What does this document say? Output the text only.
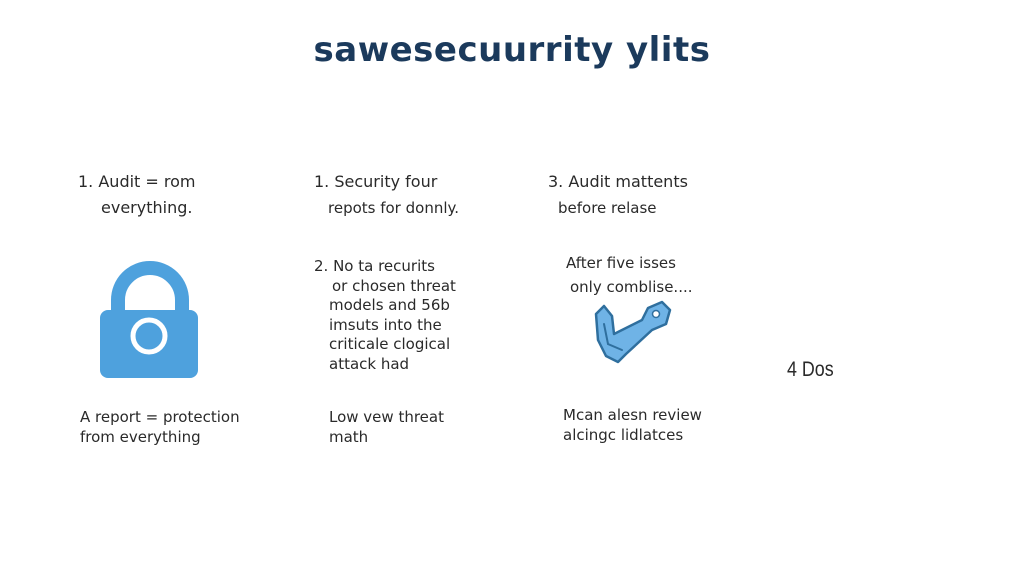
sawesecuurrity ylits
1. Audit = rom
everything.
A report = protection
from everything
1. Security four
repots for donnly.
2. No ta recurits
or chosen threat
models and 56b
imsuts into the
criticale clogical
attack had
Low vew threat
math
3. Audit mattents
before relase
After five isses
only comblise....
Mcan alesn review
alcingc lidlatces
4 Dos
